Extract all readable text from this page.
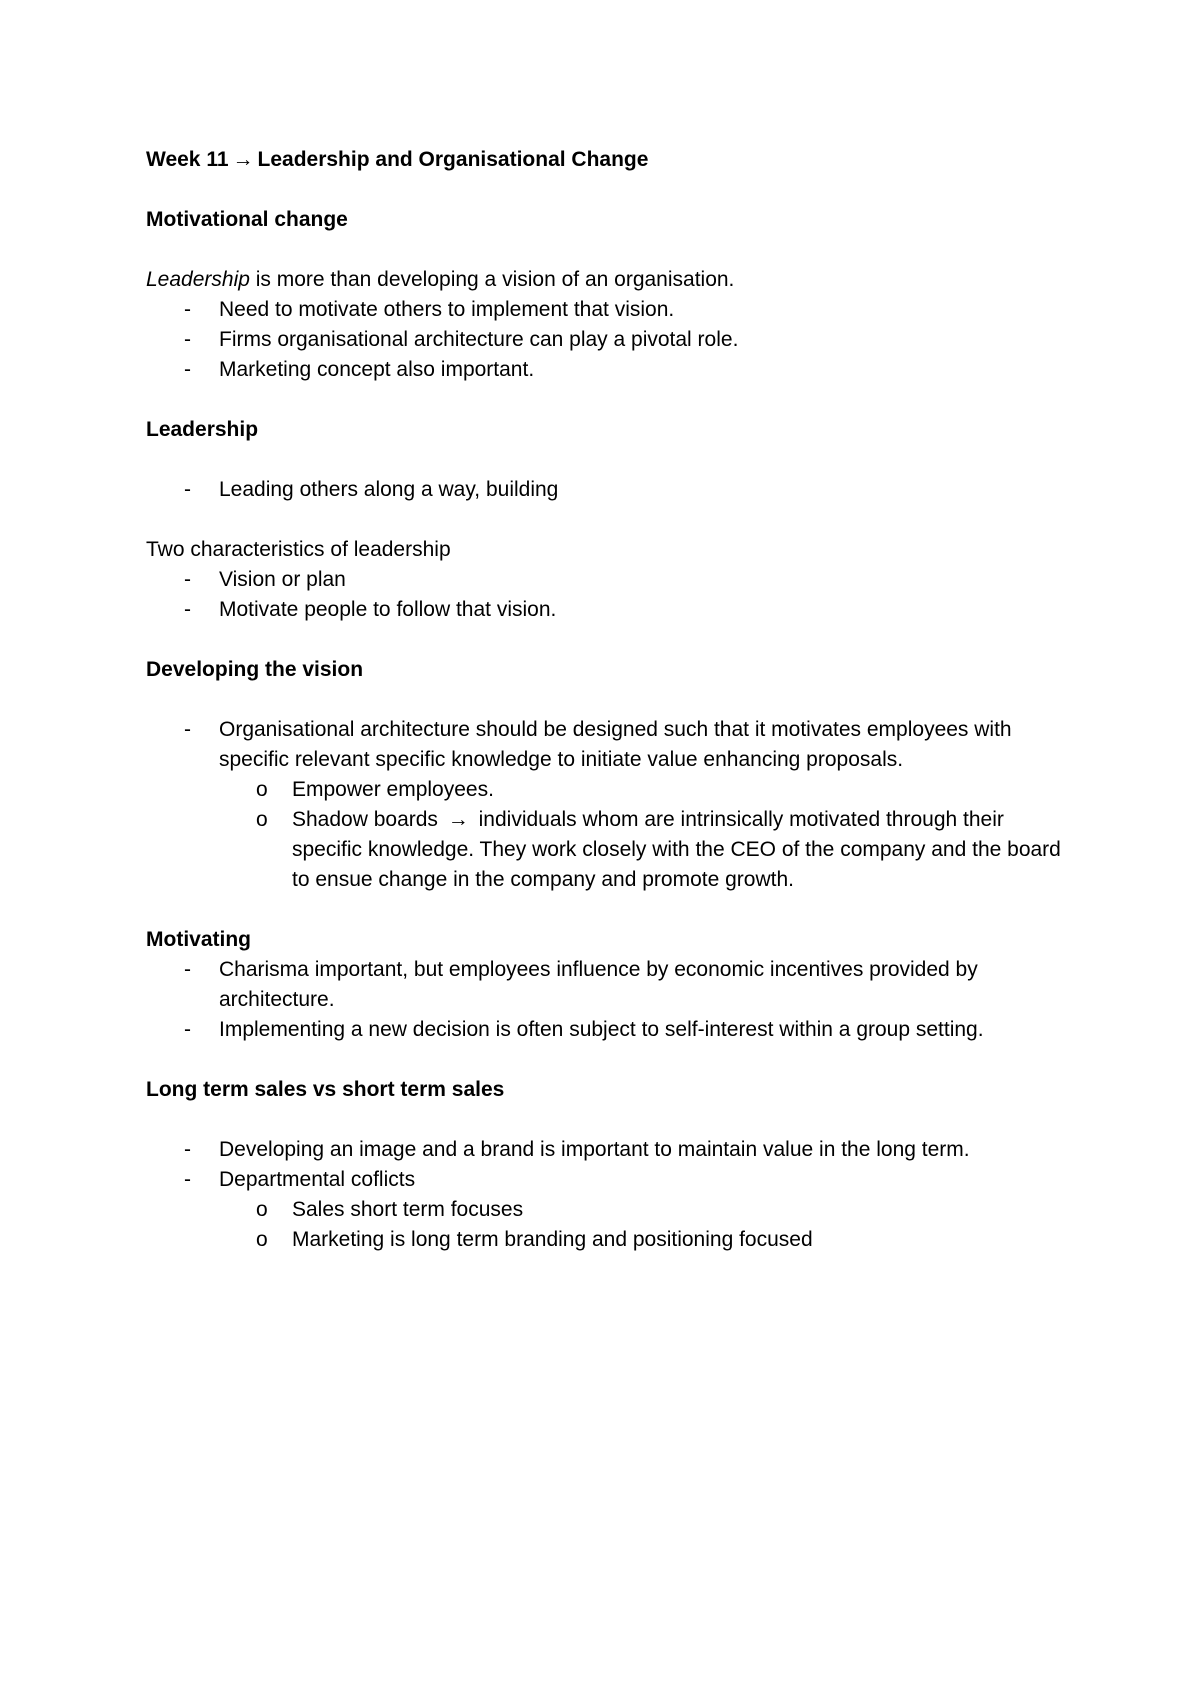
Week 11 → Leadership and Organisational Change

Motivational change

Leadership is more than developing a vision of an organisation.

- Need to motivate others to implement that vision.

- Firms organisational architecture can play a pivotal role.

- Marketing concept also important.

Leadership

- Leading others along a way, building

Two characteristics of leadership

- Vision or plan

- Motivate people to follow that vision.

Developing the vision

- Organisational architecture should be designed such that it motivates employees with specific relevant specific knowledge to initiate value enhancing proposals.

o Empower employees.

o Shadow boards → individuals whom are intrinsically motivated through their specific knowledge. They work closely with the CEO of the company and the board to ensue change in the company and promote growth.

Motivating

- Charisma important, but employees influence by economic incentives provided by architecture.

- Implementing a new decision is often subject to self-interest within a group setting.

Long term sales vs short term sales

- Developing an image and a brand is important to maintain value in the long term.

- Departmental coflicts

o Sales short term focuses

o Marketing is long term branding and positioning focused
